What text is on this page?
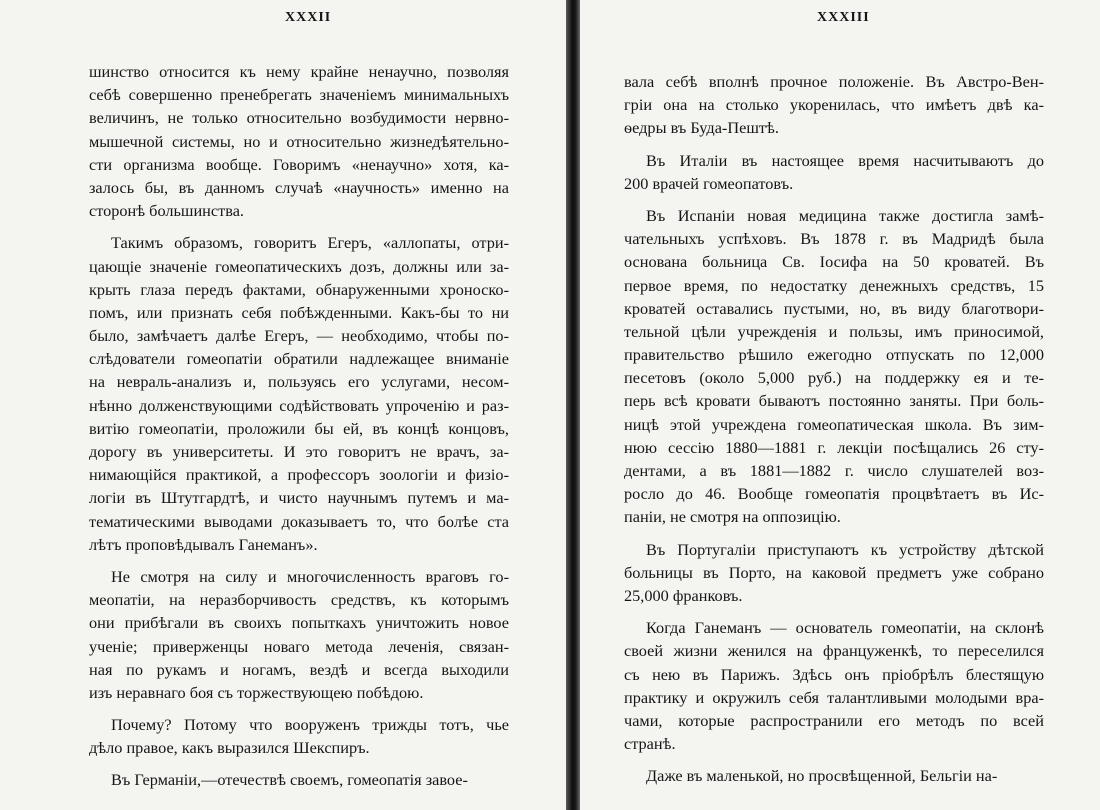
XXXII
шинство относится къ нему крайне ненаучно, позволяя
себѣ совершенно пренебрегать значеніемъ минимальныхъ
величинъ, не только относительно возбудимости нервно-
мышечной системы, но и относительно жизнедѣятельно-
сти организма вообще. Говоримъ «ненаучно» хотя, ка-
залось бы, въ данномъ случаѣ «научность» именно на
сторонѣ большинства.
Такимъ образомъ, говоритъ Егеръ, «аллопаты, отри-
цающіе значеніе гомеопатическихъ дозъ, должны или за-
крыть глаза передъ фактами, обнаруженными хроноско-
помъ, или признать себя побѣжденными. Какъ-бы то ни
было, замѣчаетъ далѣе Егеръ, — необходимо, чтобы по-
слѣдователи гомеопатіи обратили надлежащее вниманіе
на невраль-анализъ и, пользуясь его услугами, несом-
нѣнно долженствующими содѣйствовать упроченію и раз-
витію гомеопатіи, проложили бы ей, въ концѣ концовъ,
дорогу въ университеты. И это говоритъ не врачъ, за-
нимающійся практикой, а профессоръ зоологіи и физіо-
логіи въ Штутгардтѣ, и чисто научнымъ путемъ и ма-
тематическими выводами доказываетъ то, что болѣе ста
лѣтъ проповѣдывалъ Ганеманъ».
Не смотря на силу и многочисленность враговъ го-
меопатіи, на неразборчивость средствъ, къ которымъ
они прибѣгали въ своихъ попыткахъ уничтожить новое
ученіе; приверженцы новаго метода леченія, связан-
ная по рукамъ и ногамъ, вездѣ и всегда выходили
изъ неравнаго боя съ торжествующею побѣдою.
Почему? Потому что вооруженъ трижды тотъ, чье
дѣло правое, какъ выразился Шекспиръ.
Въ Германіи,—отечествѣ своемъ, гомеопатія завое-
XXXIII
вала себѣ вполнѣ прочное положеніе. Въ Австро-Вен-
гріи она на столько укоренилась, что имѣетъ двѣ ка-
ѳедры въ Буда-Пештѣ.
Въ Италіи въ настоящее время насчитываютъ до
200 врачей гомеопатовъ.
Въ Испаніи новая медицина также достигла замѣ-
чательныхъ успѣховъ. Въ 1878 г. въ Мадридѣ была
основана больница Св. Іосифа на 50 кроватей. Въ
первое время, по недостатку денежныхъ средствъ, 15
кроватей оставались пустыми, но, въ виду благотвори-
тельной цѣли учрежденія и пользы, имъ приносимой,
правительство рѣшило ежегодно отпускать по 12,000
песетовъ (около 5,000 руб.) на поддержку ея и те-
перь всѣ кровати бываютъ постоянно заняты. При боль-
ницѣ этой учреждена гомеопатическая школа. Въ зим-
нюю сессію 1880—1881 г. лекціи посѣщались 26 сту-
дентами, а въ 1881—1882 г. число слушателей воз-
росло до 46. Вообще гомеопатія процвѣтаетъ въ Ис-
паніи, не смотря на оппозицію.
Въ Португаліи приступаютъ къ устройству дѣтской
больницы въ Порто, на каковой предметъ уже собрано
25,000 франковъ.
Когда Ганеманъ — основатель гомеопатіи, на склонѣ
своей жизни женился на француженкѣ, то переселился
съ нею въ Парижъ. Здѣсь онъ пріобрѣлъ блестящую
практику и окружилъ себя талантливыми молодыми вра-
чами, которые распространили его методъ по всей
странѣ.
Даже въ маленькой, но просвѣщенной, Бельгіи на-
